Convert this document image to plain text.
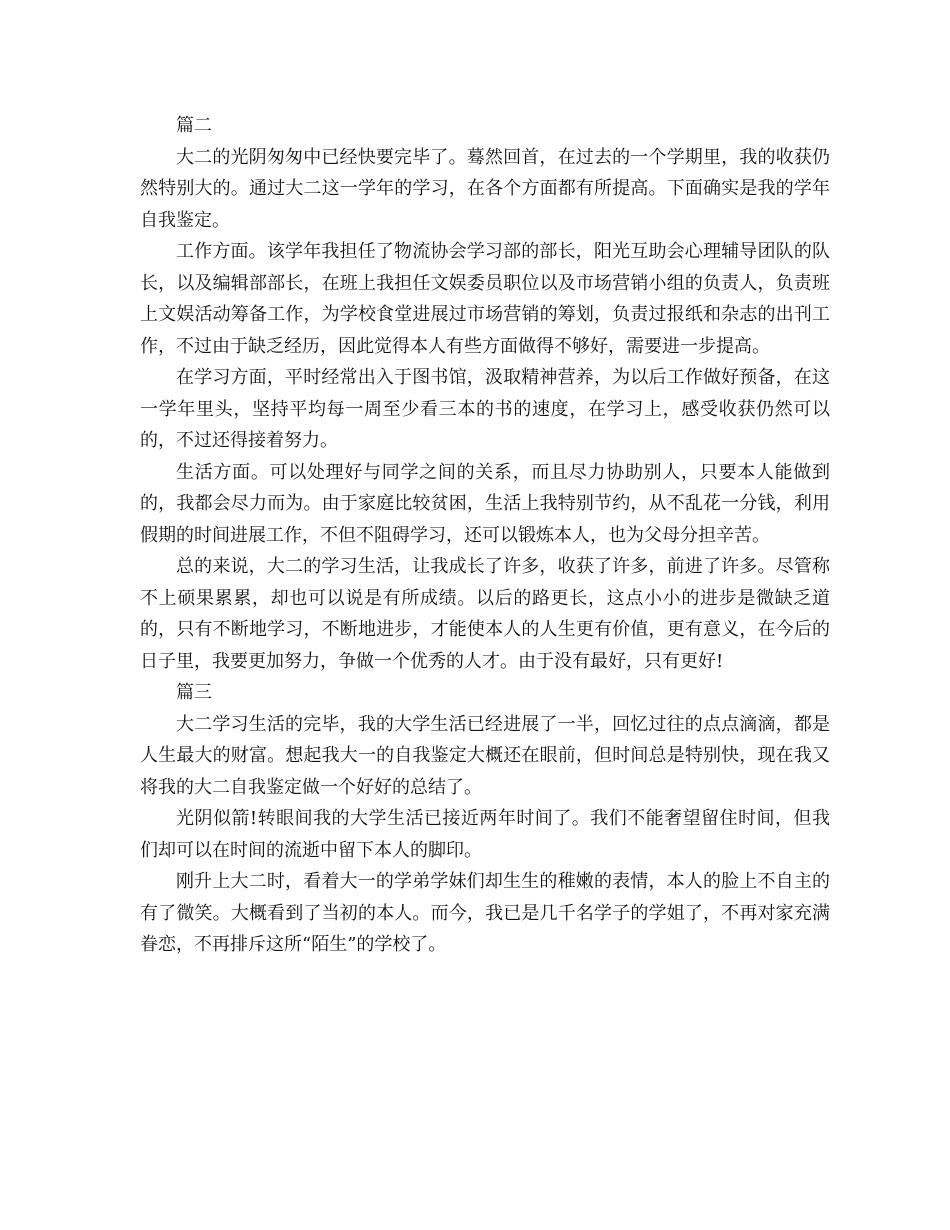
篇二

大二的光阴匆匆中已经快要完毕了。蓦然回首，在过去的一个学期里，我的收获仍然特别大的。通过大二这一学年的学习，在各个方面都有所提高。下面确实是我的学年自我鉴定。

工作方面。该学年我担任了物流协会学习部的部长，阳光互助会心理辅导团队的队长，以及编辑部部长，在班上我担任文娱委员职位以及市场营销小组的负责人，负责班上文娱活动筹备工作，为学校食堂进展过市场营销的筹划，负责过报纸和杂志的出刊工作，不过由于缺乏经历，因此觉得本人有些方面做得不够好，需要进一步提高。

在学习方面，平时经常出入于图书馆，汲取精神营养，为以后工作做好预备，在这一学年里头，坚持平均每一周至少看三本的书的速度，在学习上，感受收获仍然可以的，不过还得接着努力。

生活方面。可以处理好与同学之间的关系，而且尽力协助别人，只要本人能做到的，我都会尽力而为。由于家庭比较贫困，生活上我特别节约，从不乱花一分钱，利用假期的时间进展工作，不但不阻碍学习，还可以锻炼本人，也为父母分担辛苦。

总的来说，大二的学习生活，让我成长了许多，收获了许多，前进了许多。尽管称不上硕果累累，却也可以说是有所成绩。以后的路更长，这点小小的进步是微缺乏道的，只有不断地学习，不断地进步，才能使本人的人生更有价值，更有意义，在今后的日子里，我要更加努力，争做一个优秀的人才。由于没有最好，只有更好!

篇三

大二学习生活的完毕，我的大学生活已经进展了一半，回忆过往的点点滴滴，都是人生最大的财富。想起我大一的自我鉴定大概还在眼前，但时间总是特别快，现在我又将我的大二自我鉴定做一个好好的总结了。

光阴似箭!转眼间我的大学生活已接近两年时间了。我们不能奢望留住时间，但我们却可以在时间的流逝中留下本人的脚印。

刚升上大二时，看着大一的学弟学妹们却生生的稚嫩的表情，本人的脸上不自主的有了微笑。大概看到了当初的本人。而今，我已是几千名学子的学姐了，不再对家充满眷恋，不再排斥这所“陌生”的学校了。
